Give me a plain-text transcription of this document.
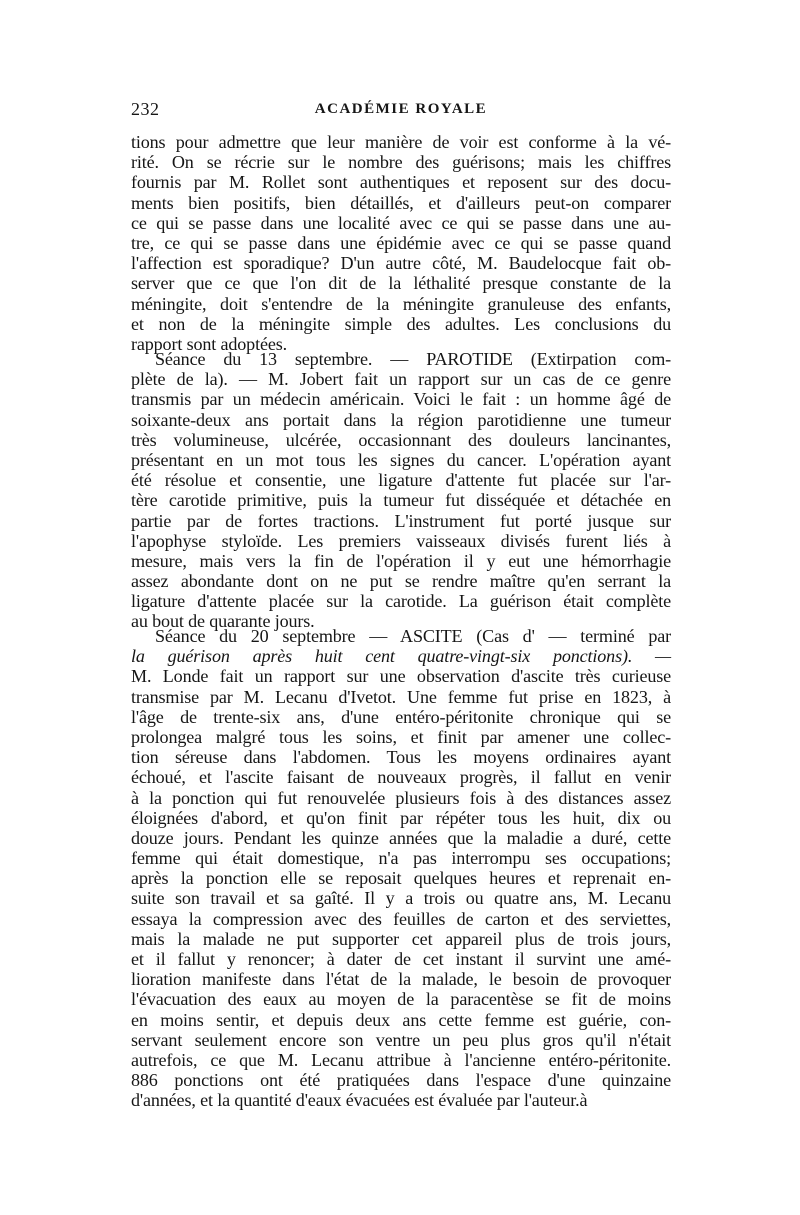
232	ACADÉMIE ROYALE
tions pour admettre que leur manière de voir est conforme à la vé-
rité. On se récrie sur le nombre des guérisons; mais les chiffres
fournis par M. Rollet sont authentiques et reposent sur des docu-
ments bien positifs, bien détaillés, et d'ailleurs peut-on comparer
ce qui se passe dans une localité avec ce qui se passe dans une au-
tre, ce qui se passe dans une épidémie avec ce qui se passe quand
l'affection est sporadique? D'un autre côté, M. Baudelocque fait ob-
server que ce que l'on dit de la léthalité presque constante de la
méningite, doit s'entendre de la méningite granuleuse des enfants,
et non de la méningite simple des adultes. Les conclusions du
rapport sont adoptées.
Séance du 13 septembre. — PAROTIDE (Extirpation com-
plète de la). — M. Jobert fait un rapport sur un cas de ce genre
transmis par un médecin américain. Voici le fait : un homme âgé de
soixante-deux ans portait dans la région parotidienne une tumeur
très volumineuse, ulcérée, occasionnant des douleurs lancinantes,
présentant en un mot tous les signes du cancer. L'opération ayant
été résolue et consentie, une ligature d'attente fut placée sur l'ar-
tère carotide primitive, puis la tumeur fut disséquée et détachée en
partie par de fortes tractions. L'instrument fut porté jusque sur
l'apophyse styloïde. Les premiers vaisseaux divisés furent liés à
mesure, mais vers la fin de l'opération il y eut une hémorrhagie
assez abondante dont on ne put se rendre maître qu'en serrant la
ligature d'attente placée sur la carotide. La guérison était complète
au bout de quarante jours.
Séance du 20 septembre — ASCITE (Cas d' — terminé par
la guérison après huit cent quatre-vingt-six ponctions). —
M. Londe fait un rapport sur une observation d'ascite très curieuse
transmise par M. Lecanu d'Ivetot. Une femme fut prise en 1823, à
l'âge de trente-six ans, d'une entéro-péritonite chronique qui se
prolongea malgré tous les soins, et finit par amener une collec-
tion séreuse dans l'abdomen. Tous les moyens ordinaires ayant
échoué, et l'ascite faisant de nouveaux progrès, il fallut en venir
à la ponction qui fut renouvelée plusieurs fois à des distances assez
éloignées d'abord, et qu'on finit par répéter tous les huit, dix ou
douze jours. Pendant les quinze années que la maladie a duré, cette
femme qui était domestique, n'a pas interrompu ses occupations;
après la ponction elle se reposait quelques heures et reprenait en-
suite son travail et sa gaîté. Il y a trois ou quatre ans, M. Lecanu
essaya la compression avec des feuilles de carton et des serviettes,
mais la malade ne put supporter cet appareil plus de trois jours,
et il fallut y renoncer; à dater de cet instant il survint une amé-
lioration manifeste dans l'état de la malade, le besoin de provoquer
l'évacuation des eaux au moyen de la paracentèse se fit de moins
en moins sentir, et depuis deux ans cette femme est guérie, con-
servant seulement encore son ventre un peu plus gros qu'il n'était
autrefois, ce que M. Lecanu attribue à l'ancienne entéro-péritonite.
886 ponctions ont été pratiquées dans l'espace d'une quinzaine
d'années, et la quantité d'eaux évacuées est évaluée par l'auteur.à
